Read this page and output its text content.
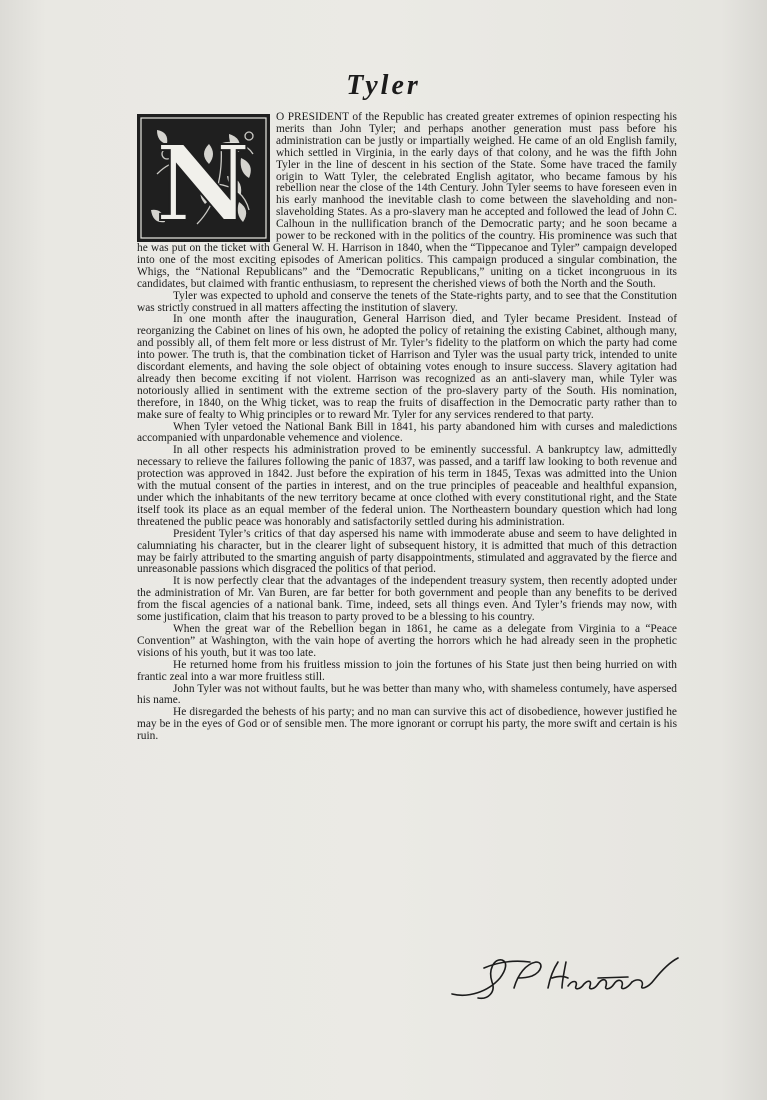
Tyler
N

O PRESIDENT of the Republic has created greater extremes of opinion respecting his merits than John Tyler; and perhaps another generation must pass before his administration can be justly or impartially weighed. He came of an old English family, which settled in Virginia, in the early days of that colony, and he was the fifth John Tyler in the line of descent in his section of the State. Some have traced the family origin to Watt Tyler, the celebrated English agitator, who became famous by his rebellion near the close of the 14th Century. John Tyler seems to have foreseen even in his early manhood the inevitable clash to come between the slaveholding and non-slaveholding States. As a pro-slavery man he accepted and followed the lead of John C. Calhoun in the nullification branch of the Democratic party; and he soon became a power to be reckoned with in the politics of the country. His prominence was such that he was put on the ticket with General W. H. Harrison in 1840, when the “Tippecanoe and Tyler” campaign developed into one of the most exciting episodes of American politics. This campaign produced a singular combination, the Whigs, the “National Republicans” and the “Democratic Republicans,” uniting on a ticket incongruous in its candidates, but claimed with frantic enthusiasm, to represent the cherished views of both the North and the South.

Tyler was expected to uphold and conserve the tenets of the State-rights party, and to see that the Constitution was strictly construed in all matters affecting the institution of slavery.

In one month after the inauguration, General Harrison died, and Tyler became President. Instead of reorganizing the Cabinet on lines of his own, he adopted the policy of retaining the existing Cabinet, although many, and possibly all, of them felt more or less distrust of Mr. Tyler’s fidelity to the platform on which the party had come into power. The truth is, that the combination ticket of Harrison and Tyler was the usual party trick, intended to unite discordant elements, and having the sole object of obtaining votes enough to insure success. Slavery agitation had already then become exciting if not violent. Harrison was recognized as an anti-slavery man, while Tyler was notoriously allied in sentiment with the extreme section of the pro-slavery party of the South. His nomination, therefore, in 1840, on the Whig ticket, was to reap the fruits of disaffection in the Democratic party rather than to make sure of fealty to Whig principles or to reward Mr. Tyler for any services rendered to that party.

When Tyler vetoed the National Bank Bill in 1841, his party abandoned him with curses and maledictions accompanied with unpardonable vehemence and violence.

In all other respects his administration proved to be eminently successful. A bankruptcy law, admittedly necessary to relieve the failures following the panic of 1837, was passed, and a tariff law looking to both revenue and protection was approved in 1842. Just before the expiration of his term in 1845, Texas was admitted into the Union with the mutual consent of the parties in interest, and on the true principles of peaceable and healthful expansion, under which the inhabitants of the new territory became at once clothed with every constitutional right, and the State itself took its place as an equal member of the federal union. The Northeastern boundary question which had long threatened the public peace was honorably and satisfactorily settled during his administration.

President Tyler’s critics of that day aspersed his name with immoderate abuse and seem to have delighted in calumniating his character, but in the clearer light of subsequent history, it is admitted that much of this detraction may be fairly attributed to the smarting anguish of party disappointments, stimulated and aggravated by the fierce and unreasonable passions which disgraced the politics of that period.

It is now perfectly clear that the advantages of the independent treasury system, then recently adopted under the administration of Mr. Van Buren, are far better for both government and people than any benefits to be derived from the fiscal agencies of a national bank. Time, indeed, sets all things even. And Tyler’s friends may now, with some justification, claim that his treason to party proved to be a blessing to his country.

When the great war of the Rebellion began in 1861, he came as a delegate from Virginia to a “Peace Convention” at Washington, with the vain hope of averting the horrors which he had already seen in the prophetic visions of his youth, but it was too late.

He returned home from his fruitless mission to join the fortunes of his State just then being hurried on with frantic zeal into a war more fruitless still.

John Tyler was not without faults, but he was better than many who, with shameless contumely, have aspersed his name.

He disregarded the behests of his party; and no man can survive this act of disobedience, however justified he may be in the eyes of God or of sensible men. The more ignorant or corrupt his party, the more swift and certain is his ruin.
